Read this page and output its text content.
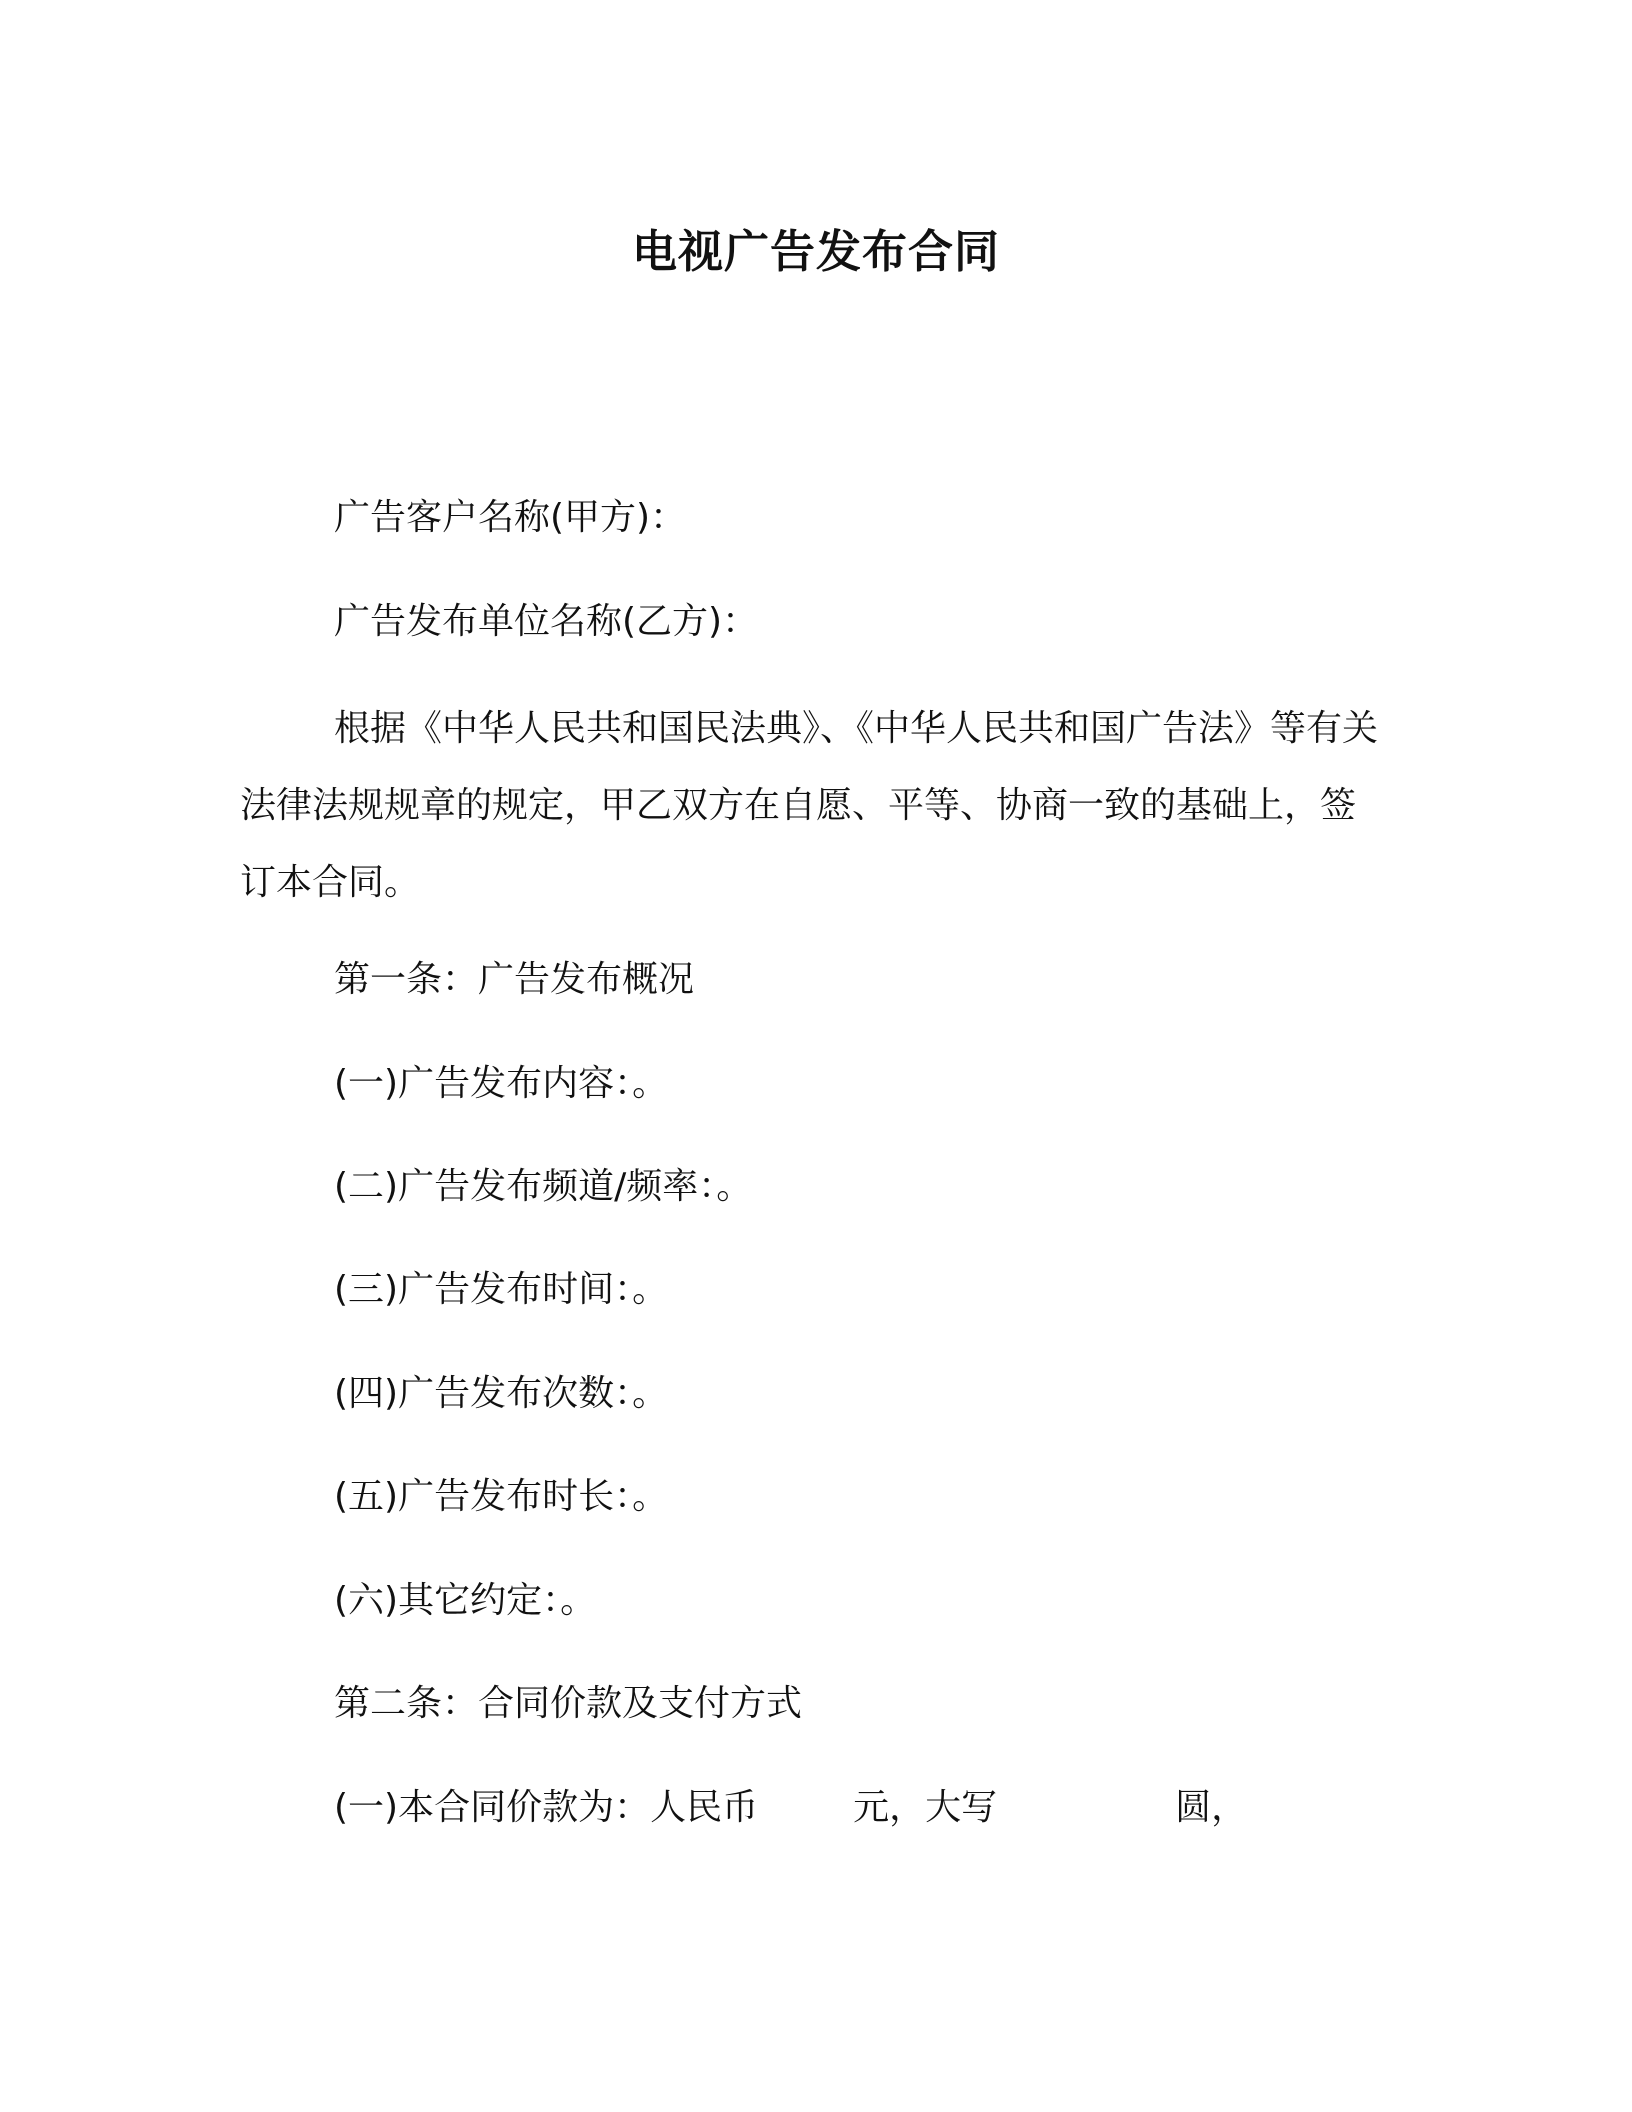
电视广告发布合同
广告客户名称(甲方)：
广告发布单位名称(乙方)：
根据《中华人民共和国民法典》、《中华人民共和国广告法》等有关法律法规规章的规定，甲乙双方在自愿、平等、协商一致的基础上，签订本合同。
第一条：广告发布概况
(一)广告发布内容：。
(二)广告发布频道/频率：。
(三)广告发布时间：。
(四)广告发布次数：。
(五)广告发布时长：。
(六)其它约定：。
第二条：合同价款及支付方式
(一)本合同价款为：人民币	元，大写	圆，
